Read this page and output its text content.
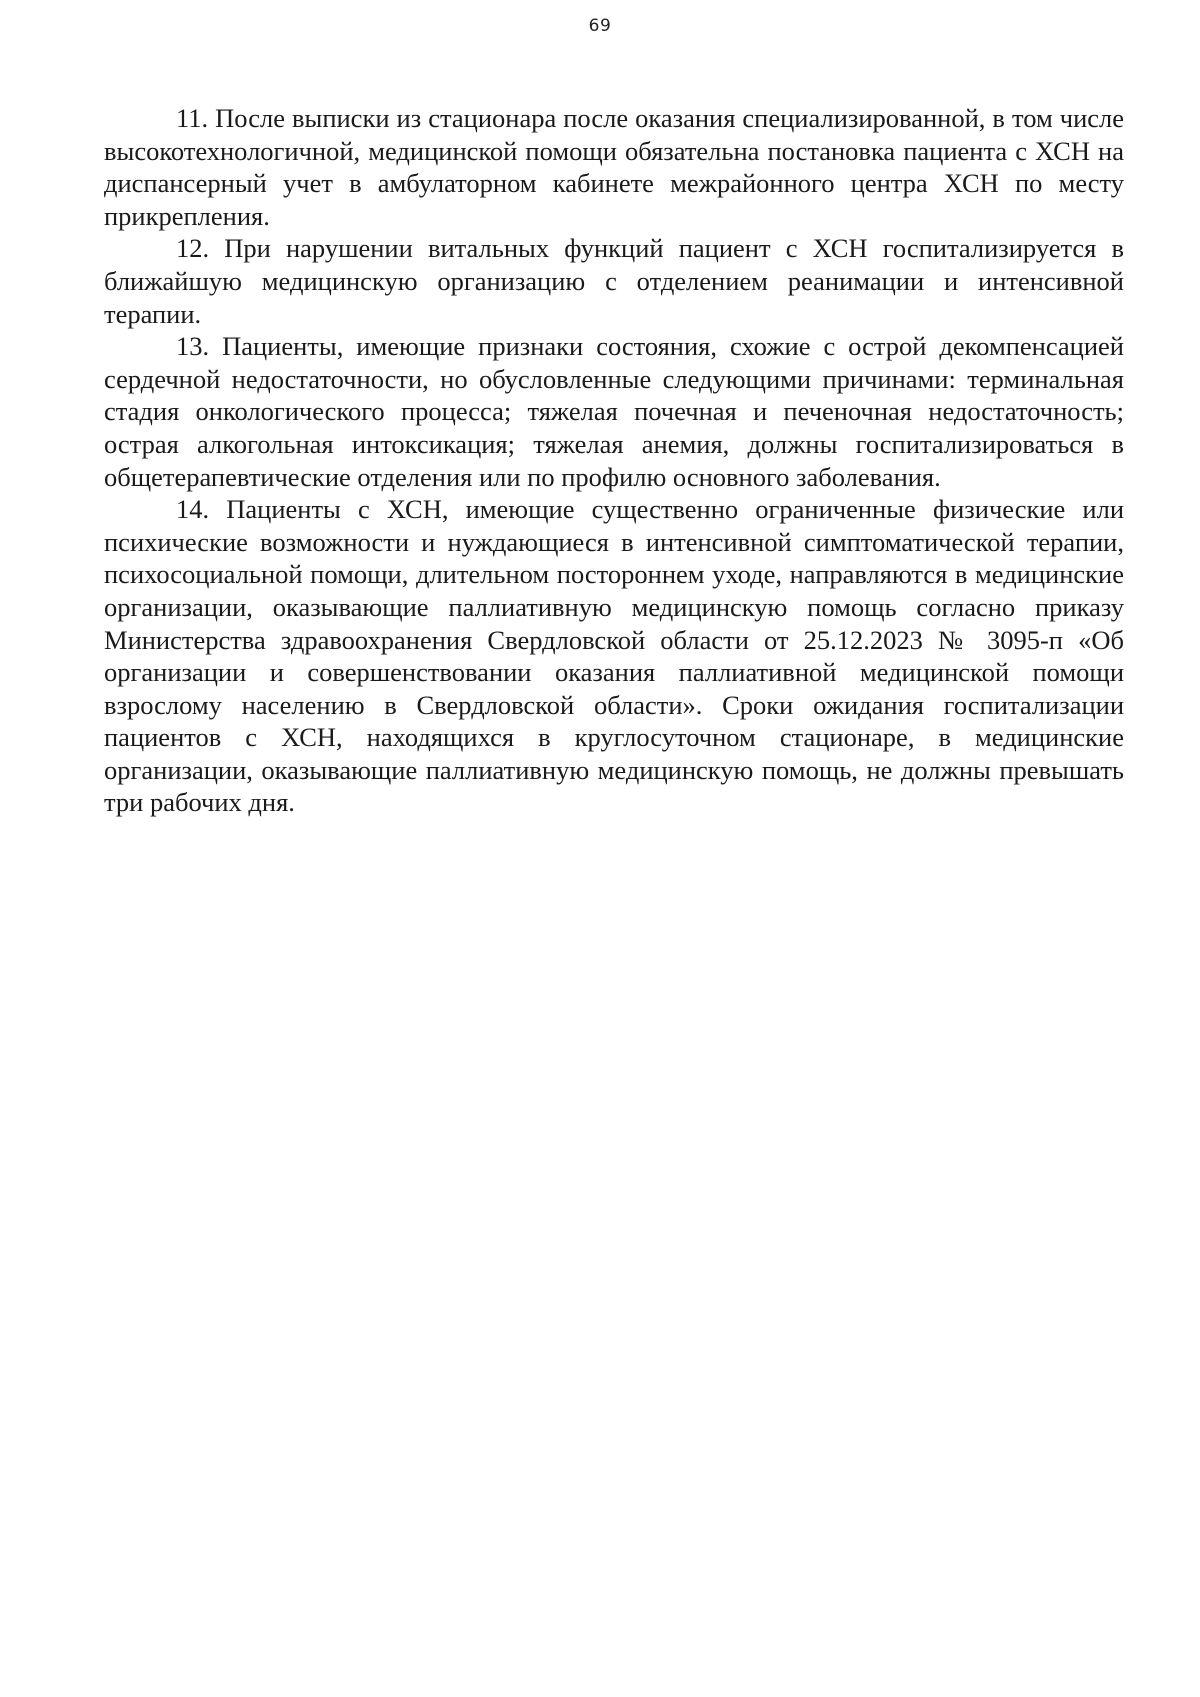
69

11. После выписки из стационара после оказания специализированной, в том числе высокотехнологичной, медицинской помощи обязательна постановка пациента с ХСН на диспансерный учет в амбулаторном кабинете межрайонного центра ХСН по месту прикрепления.

12. При нарушении витальных функций пациент с ХСН госпитализируется в ближайшую медицинскую организацию с отделением реанимации и интенсивной терапии.

13. Пациенты, имеющие признаки состояния, схожие с острой декомпенсацией сердечной недостаточности, но обусловленные следующими причинами: терминальная стадия онкологического процесса; тяжелая почечная и печеночная недостаточность; острая алкогольная интоксикация; тяжелая анемия, должны госпитализироваться в общетерапевтические отделения или по профилю основного заболевания.

14. Пациенты с ХСН, имеющие существенно ограниченные физические или психические возможности и нуждающиеся в интенсивной симптоматической терапии, психосоциальной помощи, длительном постороннем уходе, направляются в медицинские организации, оказывающие паллиативную медицинскую помощь согласно приказу Министерства здравоохранения Свердловской области от 25.12.2023 № 3095-п «Об организации и совершенствовании оказания паллиативной медицинской помощи взрослому населению в Свердловской области». Сроки ожидания госпитализации пациентов с ХСН, находящихся в круглосуточном стационаре, в медицинские организации, оказывающие паллиативную медицинскую помощь, не должны превышать три рабочих дня.
